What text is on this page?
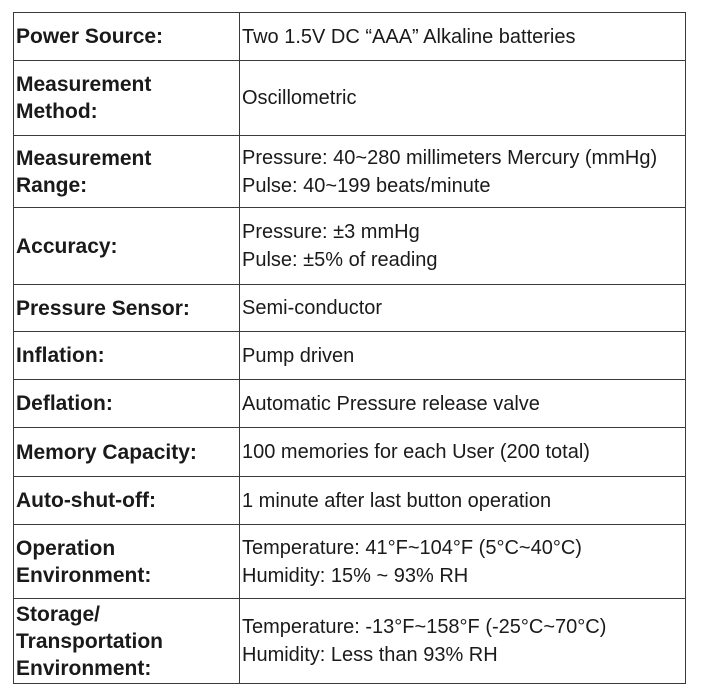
Power Source:	Two 1.5V DC “AAA” Alkaline batteries

Measurement
Method:	Oscillometric

Measurement
Range:	Pressure: 40~280 millimeters Mercury (mmHg)
Pulse: 40~199 beats/minute

Accuracy:	Pressure: ±3 mmHg
Pulse: ±5% of reading

Pressure Sensor:	Semi-conductor

Inflation:	Pump driven

Deflation:	Automatic Pressure release valve

Memory Capacity:	100 memories for each User (200 total)

Auto-shut-off:	1 minute after last button operation

Operation
Environment:	Temperature: 41°F~104°F (5°C~40°C)
Humidity: 15% ~ 93% RH

Storage/
Transportation
Environment:	Temperature: -13°F~158°F (-25°C~70°C)
Humidity: Less than 93% RH
